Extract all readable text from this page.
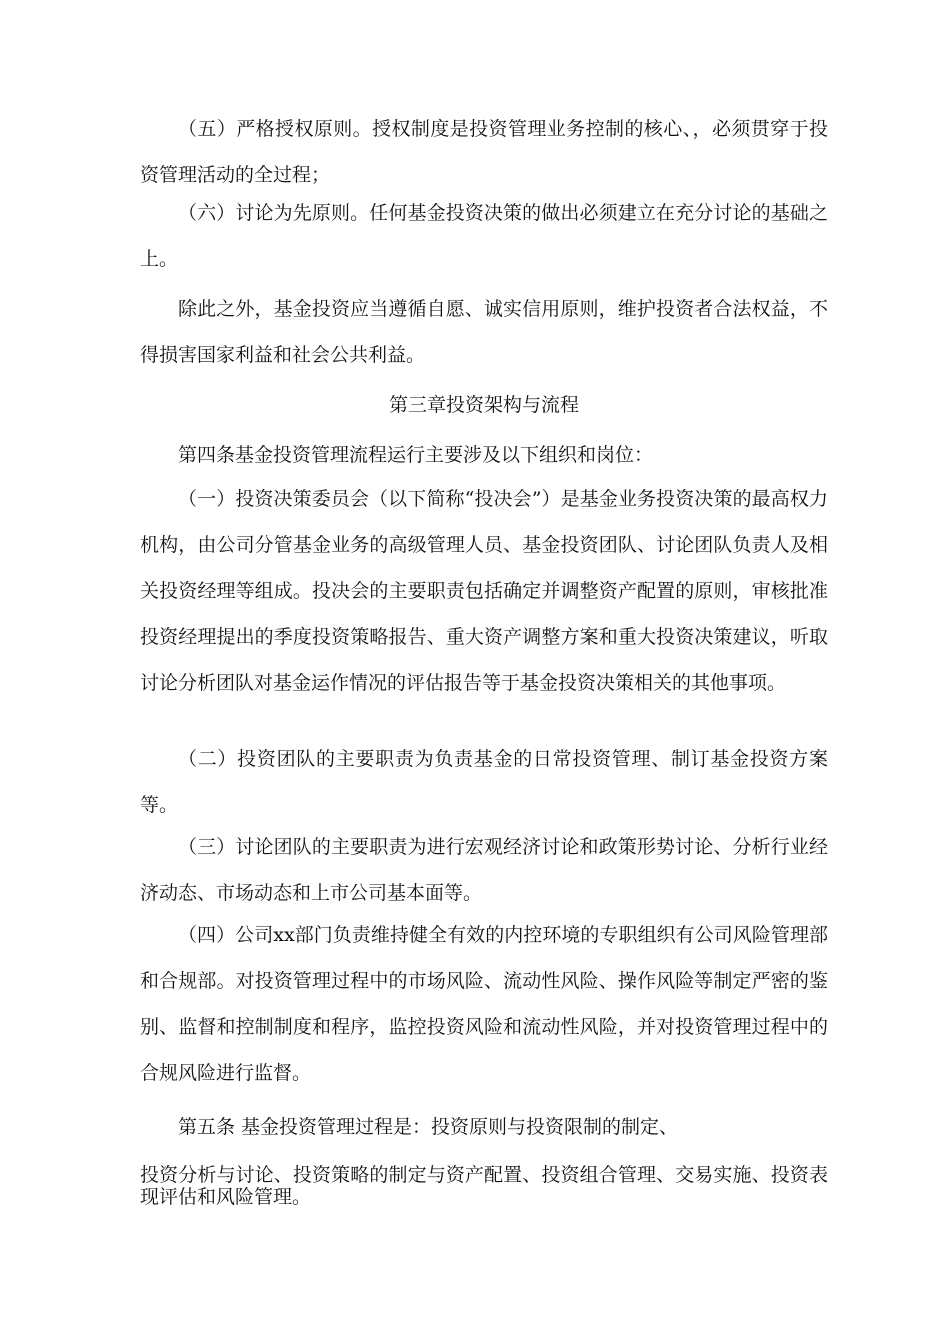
（五）严格授权原则。授权制度是投资管理业务控制的核心、，必须贯穿于投资管理活动的全过程；

（六）讨论为先原则。任何基金投资决策的做出必须建立在充分讨论的基础之上。

除此之外，基金投资应当遵循自愿、诚实信用原则，维护投资者合法权益，不得损害国家利益和社会公共利益。

第三章投资架构与流程

第四条基金投资管理流程运行主要涉及以下组织和岗位：

（一）投资决策委员会（以下简称“投决会”）是基金业务投资决策的最高权力机构，由公司分管基金业务的高级管理人员、基金投资团队、讨论团队负责人及相关投资经理等组成。投决会的主要职责包括确定并调整资产配置的原则，审核批准投资经理提出的季度投资策略报告、重大资产调整方案和重大投资决策建议，听取讨论分析团队对基金运作情况的评估报告等于基金投资决策相关的其他事项。

（二）投资团队的主要职责为负责基金的日常投资管理、制订基金投资方案等。

（三）讨论团队的主要职责为进行宏观经济讨论和政策形势讨论、分析行业经济动态、市场动态和上市公司基本面等。

（四）公司xx部门负责维持健全有效的内控环境的专职组织有公司风险管理部和合规部。对投资管理过程中的市场风险、流动性风险、操作风险等制定严密的鉴别、监督和控制制度和程序，监控投资风险和流动性风险，并对投资管理过程中的合规风险进行监督。

第五条 基金投资管理过程是：投资原则与投资限制的制定、

投资分析与讨论、投资策略的制定与资产配置、投资组合管理、交易实施、投资表现评估和风险管理。
